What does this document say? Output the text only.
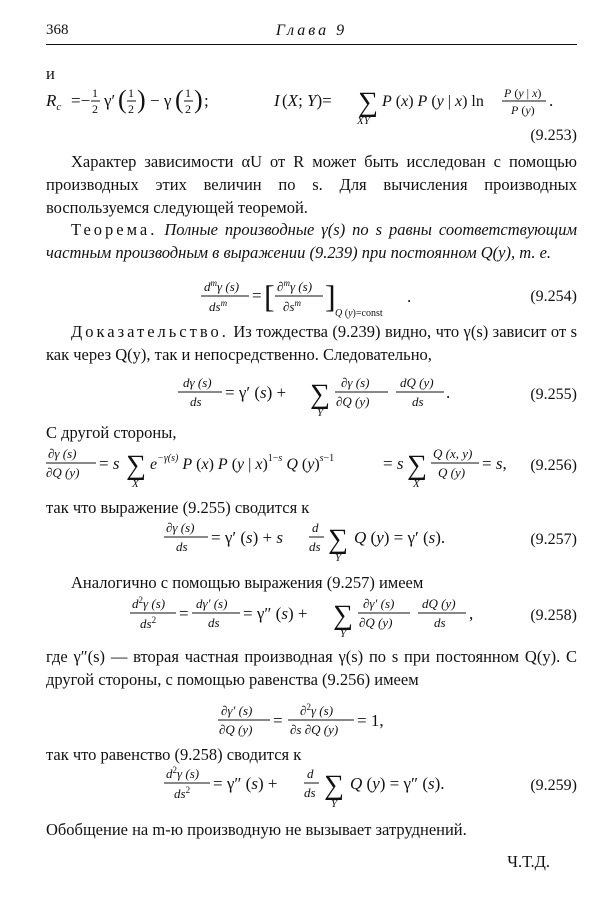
368	Глава 9
и
$R_c =- 1$
2 γ′ ( 1
2 ) − γ ( 1
2 ) ;	I (X; Y)= ∑
XY
P (x) P (y | x) ln P (y | x)
P (y) .
(9.253)
Характер зависимости αU от R может быть исследован с помощью производных этих величин по s. Для вычисления производных воспользуемся следующей теоремой.
Теорема. Полные производные γ(s) по s равны соответствующим частным производным в выражении (9.239) при постоянном Q(y), т. е.
$d^m\gamma$ (s)
$ds^m$ = [ ∂$^m$γ (s)
$\partial s^m$ ] Q (y)=const
.	(9.254)
Доказательство. Из тождества (9.239) видно, что γ(s) зависит от s как через Q(y), так и непосредственно. Следовательно,
dγ (s)
ds = γ′ (s) + ∑
Y
∂γ (s)
∂Q (y)
dQ (y)
ds .	(9.255)
С другой стороны,
∂γ (s)
∂Q (y) = s ∑
X
$e^{-\gamma(s)}$ P (x) P (y | x)$^{1-}$s Q $(y)^s-1$	= s ∑
X
Q (x, y)
Q (y) = s, (9.256)
так что выражение (9.255) сводится к
∂γ (s)
ds = γ′ (s) + s
d
ds ∑
Y
Q (y) = γ′ (s).	(9.257)
Аналогично с помощью выражения (9.257) имеем
$d^2\gamma$ (s)
$ds^2$ =
dγ′ (s)
ds = γ″ (s) + ∑
Y
∂γ′ (s)
∂Q (y)
dQ (y)
ds ,	(9.258)
где γ″(s) — вторая частная производная γ(s) по s при постоянном Q(y). С другой стороны, с помощью равенства (9.256) имеем
∂γ′ (s)
∂Q (y) =
∂$^2$γ (s)
∂s ∂Q (y) = 1,
так что равенство (9.258) сводится к
$d^2\gamma$ (s)
$ds^2 = \gamma''$ (s) +
d
ds ∑
Y
Q (y) = γ″ (s).	(9.259)
Обобщение на m-ю производную не вызывает затруднений.
Ч.Т.Д.
